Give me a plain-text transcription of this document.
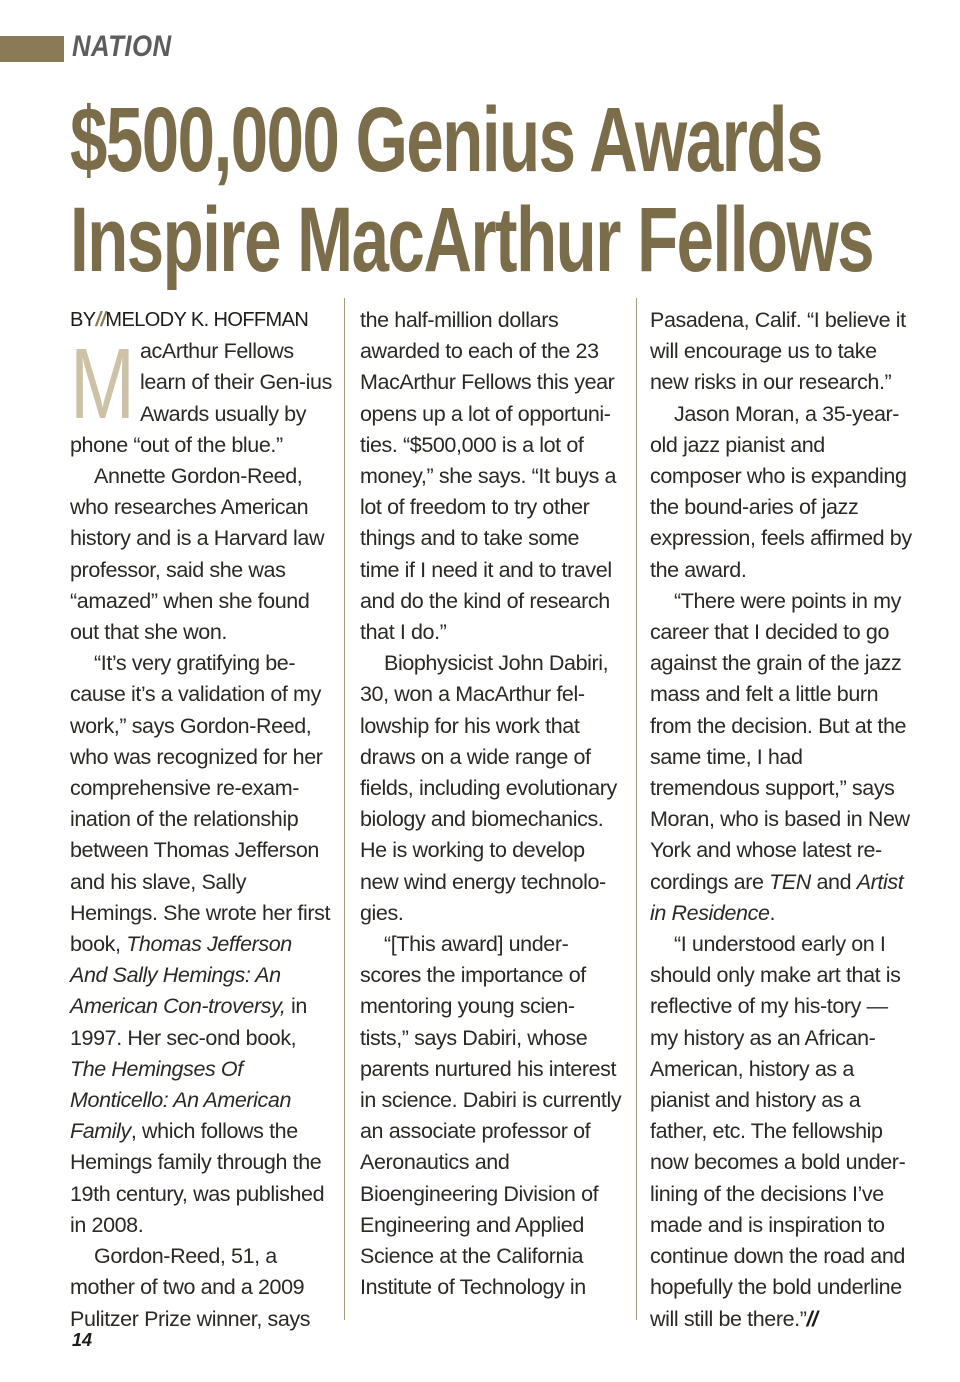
NATION
$500,000 Genius Awards
Inspire MacArthur Fellows

BY//MELODY K. HOFFMAN

MacArthur Fellows learn of their Gen-ius Awards usually by phone “out of the blue.”

Annette Gordon-Reed, who researches American history and is a Harvard law professor, said she was “amazed” when she found out that she won.

“It’s very gratifying be-cause it’s a validation of my work,” says Gordon-Reed, who was recognized for her comprehensive re-exam-ination of the relationship between Thomas Jefferson and his slave, Sally Hemings. She wrote her first book, Thomas Jefferson And Sally Hemings: An American Con-troversy, in 1997. Her sec-ond book, The Hemingses Of Monticello: An American Family, which follows the Hemings family through the 19th century, was published in 2008.

Gordon-Reed, 51, a mother of two and a 2009 Pulitzer Prize winner, says

the half-million dollars awarded to each of the 23 MacArthur Fellows this year opens up a lot of opportuni-ties. “$500,000 is a lot of money,” she says. “It buys a lot of freedom to try other things and to take some time if I need it and to travel and do the kind of research that I do.”

Biophysicist John Dabiri, 30, won a MacArthur fel-lowship for his work that draws on a wide range of fields, including evolutionary biology and biomechanics. He is working to develop new wind energy technolo-gies.

“[This award] under-scores the importance of mentoring young scien-tists,” says Dabiri, whose parents nurtured his interest in science. Dabiri is currently an associate professor of Aeronautics and Bioengineering Division of Engineering and Applied Science at the California Institute of Technology in

Pasadena, Calif. “I believe it will encourage us to take new risks in our research.”

Jason Moran, a 35-year-old jazz pianist and composer who is expanding the bound-aries of jazz expression, feels affirmed by the award.

“There were points in my career that I decided to go against the grain of the jazz mass and felt a little burn from the decision. But at the same time, I had tremendous support,” says Moran, who is based in New York and whose latest re-cordings are TEN and Artist in Residence.

“I understood early on I should only make art that is reflective of my his-tory — my history as an African-American, history as a pianist and history as a father, etc. The fellowship now becomes a bold under-lining of the decisions I’ve made and is inspiration to continue down the road and hopefully the bold underline will still be there.”//

14
